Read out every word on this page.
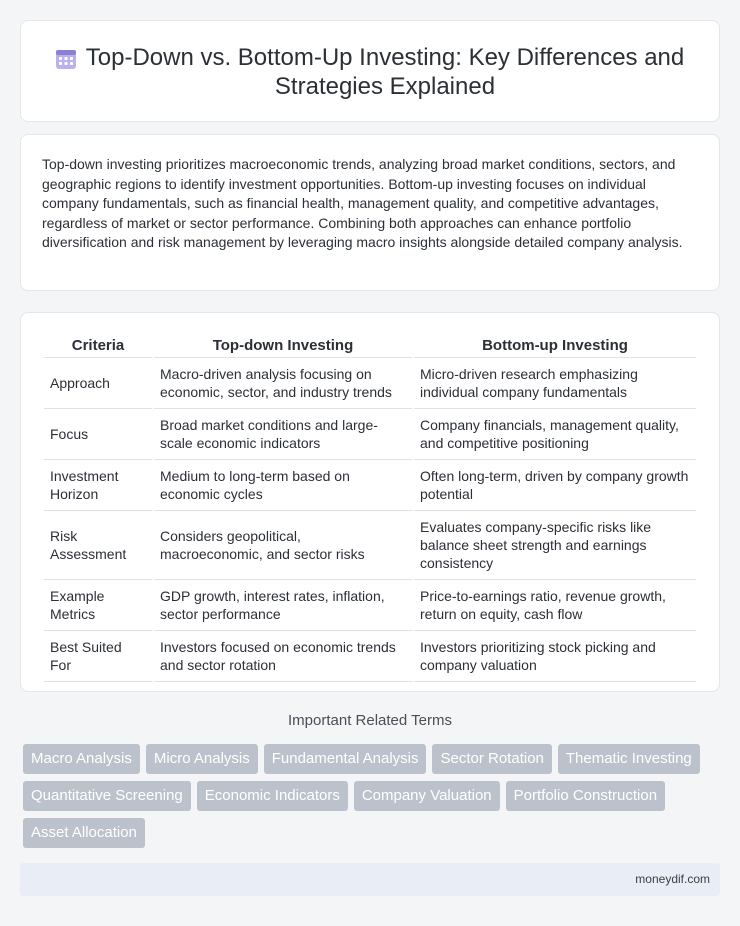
Top-Down vs. Bottom-Up Investing: Key Differences and Strategies Explained

Top-down investing prioritizes macroeconomic trends, analyzing broad market conditions, sectors, and geographic regions to identify investment opportunities. Bottom-up investing focuses on individual company fundamentals, such as financial health, management quality, and competitive advantages, regardless of market or sector performance. Combining both approaches can enhance portfolio diversification and risk management by leveraging macro insights alongside detailed company analysis.

Criteria	Top-down Investing	Bottom-up Investing
Approach	Macro-driven analysis focusing on economic, sector, and industry trends	Micro-driven research emphasizing individual company fundamentals
Focus	Broad market conditions and large-scale economic indicators	Company financials, management quality, and competitive positioning
Investment Horizon	Medium to long-term based on economic cycles	Often long-term, driven by company growth potential
Risk Assessment	Considers geopolitical, macroeconomic, and sector risks	Evaluates company-specific risks like balance sheet strength and earnings consistency
Example Metrics	GDP growth, interest rates, inflation, sector performance	Price-to-earnings ratio, revenue growth, return on equity, cash flow
Best Suited For	Investors focused on economic trends and sector rotation	Investors prioritizing stock picking and company valuation
Important Related Terms
Macro Analysis	Micro Analysis	Fundamental Analysis	Sector Rotation	Thematic Investing
Quantitative Screening	Economic Indicators	Company Valuation	Portfolio Construction
Asset Allocation
moneydif.com
